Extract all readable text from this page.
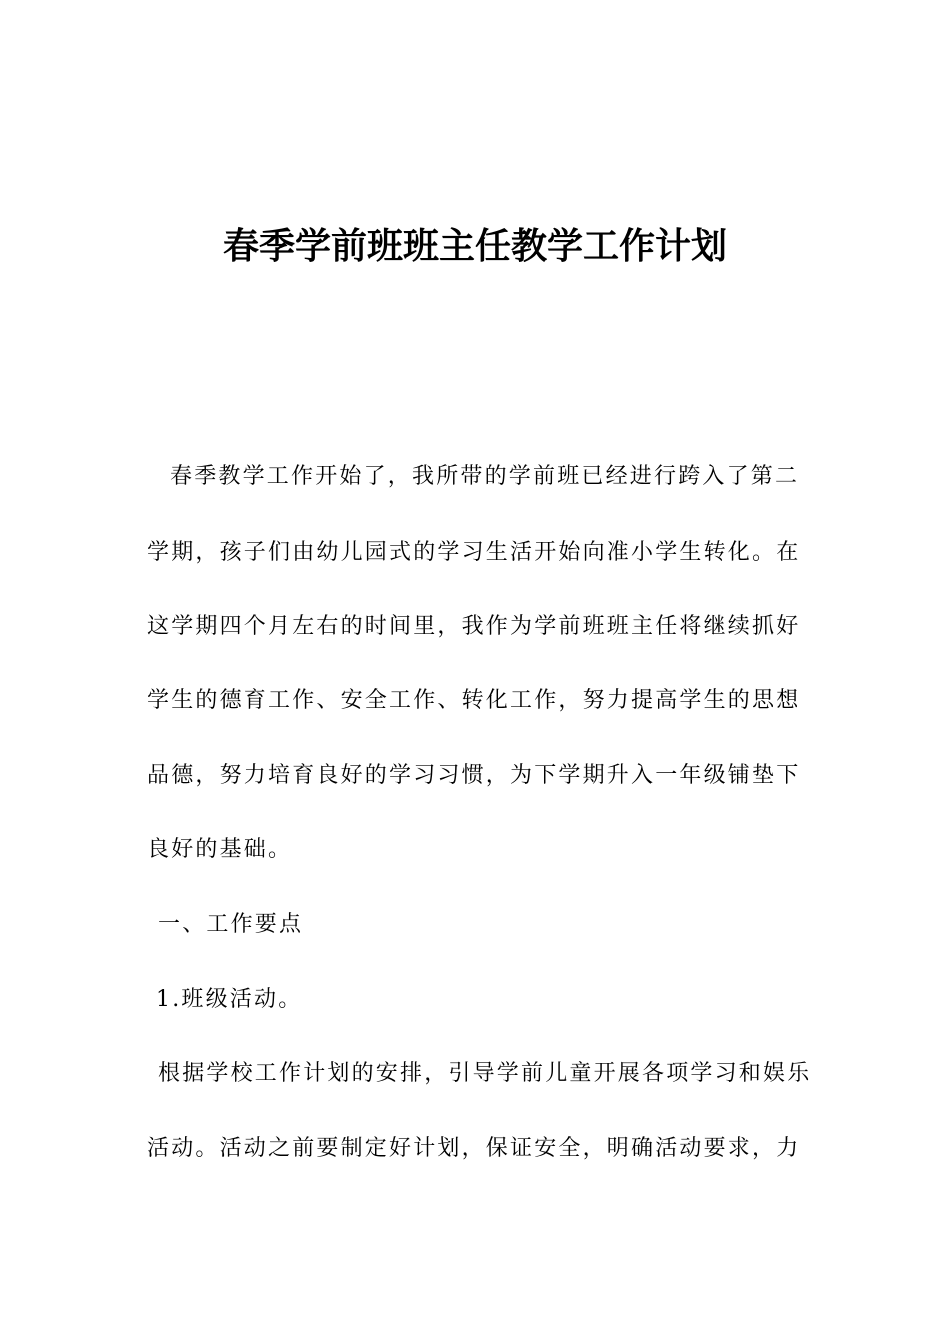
春季学前班班主任教学工作计划

春季教学工作开始了，我所带的学前班已经进行跨入了第二

学期，孩子们由幼儿园式的学习生活开始向准小学生转化。在

这学期四个月左右的时间里，我作为学前班班主任将继续抓好

学生的德育工作、安全工作、转化工作，努力提高学生的思想

品德，努力培育良好的学习习惯，为下学期升入一年级铺垫下

良好的基础。

一、工作要点

1.班级活动。

根据学校工作计划的安排，引导学前儿童开展各项学习和娱乐

活动。活动之前要制定好计划，保证安全，明确活动要求，力
